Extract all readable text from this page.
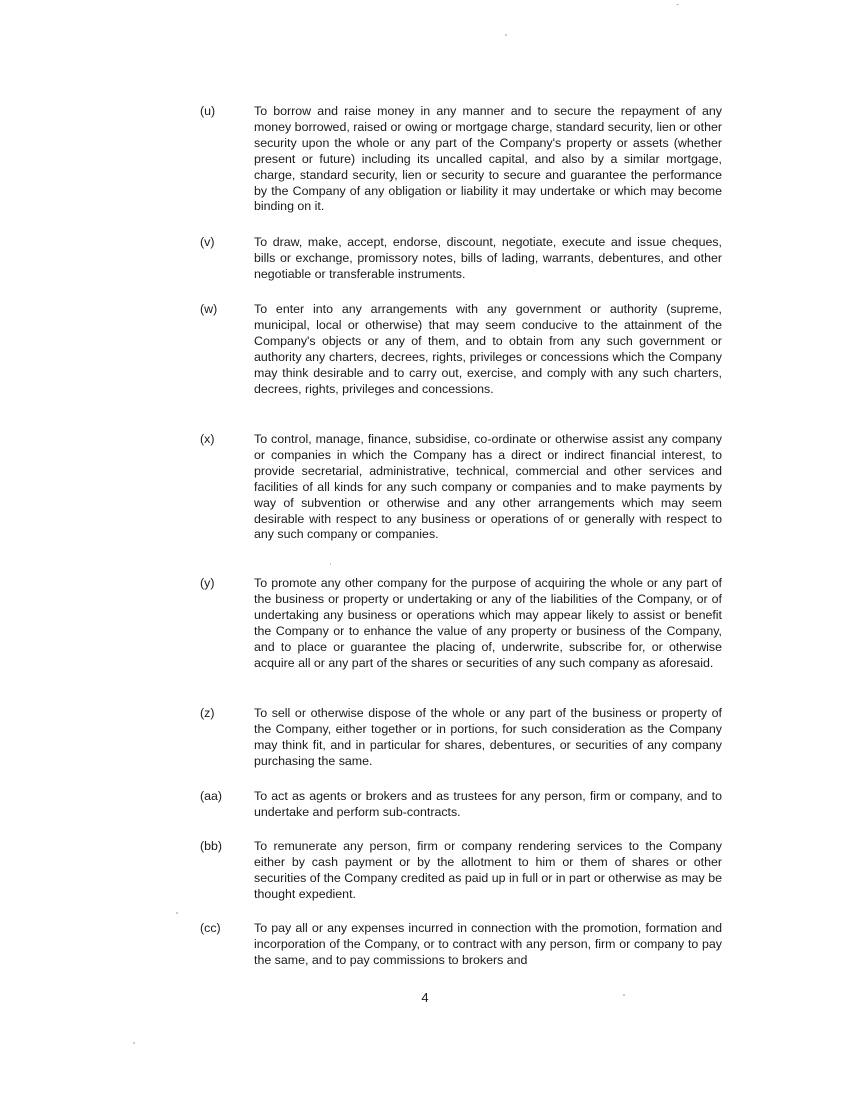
(u)	To borrow and raise money in any manner and to secure the repayment of any money borrowed, raised or owing or mortgage charge, standard security, lien or other security upon the whole or any part of the Company's property or assets (whether present or future) including its uncalled capital, and also by a similar mortgage, charge, standard security, lien or security to secure and guarantee the performance by the Company of any obligation or liability it may undertake or which may become binding on it.
(v)	To draw, make, accept, endorse, discount, negotiate, execute and issue cheques, bills or exchange, promissory notes, bills of lading, warrants, debentures, and other negotiable or transferable instruments.
(w)	To enter into any arrangements with any government or authority (supreme, municipal, local or otherwise) that may seem conducive to the attainment of the Company's objects or any of them, and to obtain from any such government or authority any charters, decrees, rights, privileges or concessions which the Company may think desirable and to carry out, exercise, and comply with any such charters, decrees, rights, privileges and concessions.
(x)	To control, manage, finance, subsidise, co-ordinate or otherwise assist any company or companies in which the Company has a direct or indirect financial interest, to provide secretarial, administrative, technical, commercial and other services and facilities of all kinds for any such company or companies and to make payments by way of subvention or otherwise and any other arrangements which may seem desirable with respect to any business or operations of or generally with respect to any such company or companies.
(y)	To promote any other company for the purpose of acquiring the whole or any part of the business or property or undertaking or any of the liabilities of the Company, or of undertaking any business or operations which may appear likely to assist or benefit the Company or to enhance the value of any property or business of the Company, and to place or guarantee the placing of, underwrite, subscribe for, or otherwise acquire all or any part of the shares or securities of any such company as aforesaid.
(z)	To sell or otherwise dispose of the whole or any part of the business or property of the Company, either together or in portions, for such consideration as the Company may think fit, and in particular for shares, debentures, or securities of any company purchasing the same.
(aa)	To act as agents or brokers and as trustees for any person, firm or company, and to undertake and perform sub-contracts.
(bb)	To remunerate any person, firm or company rendering services to the Company either by cash payment or by the allotment to him or them of shares or other securities of the Company credited as paid up in full or in part or otherwise as may be thought expedient.
(cc)	To pay all or any expenses incurred in connection with the promotion, formation and incorporation of the Company, or to contract with any person, firm or company to pay the same, and to pay commissions to brokers and
4
